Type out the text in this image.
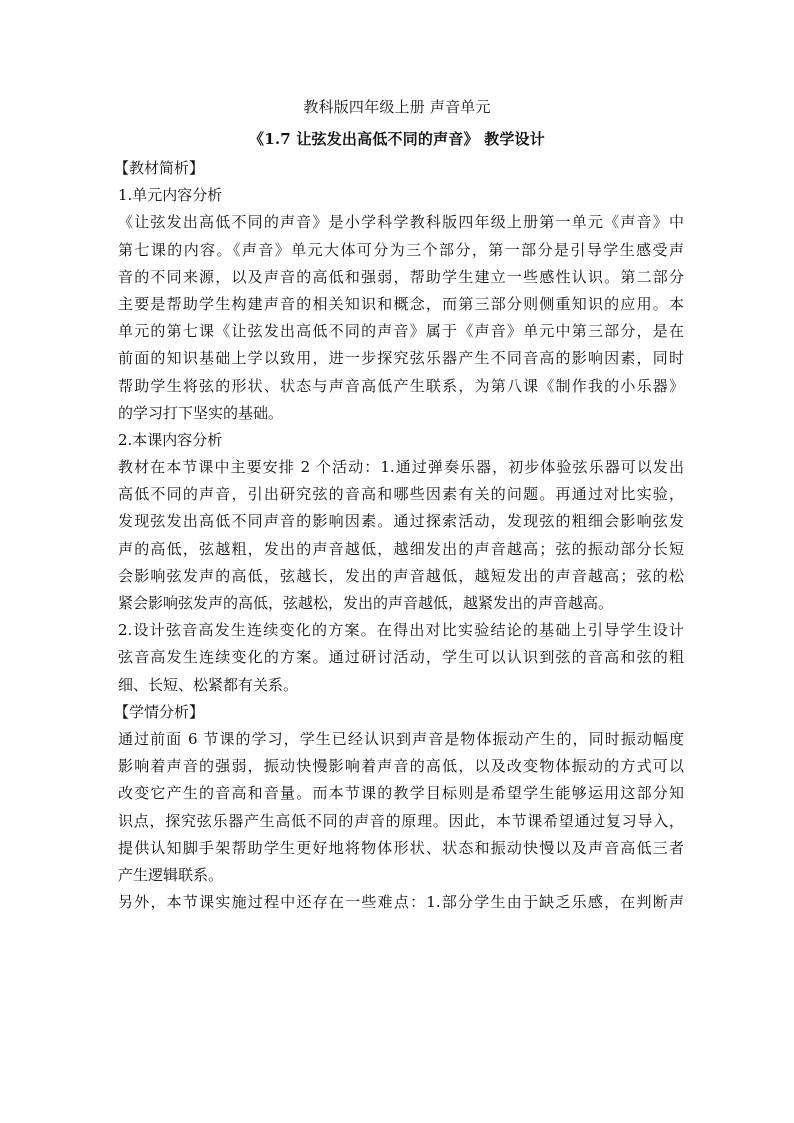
教科版四年级上册 声音单元
《1.7 让弦发出高低不同的声音》 教学设计
【教材简析】
1.单元内容分析
《让弦发出高低不同的声音》是小学科学教科版四年级上册第一单元《声音》中
第七课的内容。《声音》单元大体可分为三个部分，第一部分是引导学生感受声
音的不同来源，以及声音的高低和强弱，帮助学生建立一些感性认识。第二部分
主要是帮助学生构建声音的相关知识和概念，而第三部分则侧重知识的应用。本
单元的第七课《让弦发出高低不同的声音》属于《声音》单元中第三部分，是在
前面的知识基础上学以致用，进一步探究弦乐器产生不同音高的影响因素，同时
帮助学生将弦的形状、状态与声音高低产生联系，为第八课《制作我的小乐器》
的学习打下坚实的基础。
2.本课内容分析
教材在本节课中主要安排 2 个活动：1.通过弹奏乐器，初步体验弦乐器可以发出
高低不同的声音，引出研究弦的音高和哪些因素有关的问题。再通过对比实验，
发现弦发出高低不同声音的影响因素。通过探索活动，发现弦的粗细会影响弦发
声的高低，弦越粗，发出的声音越低，越细发出的声音越高；弦的振动部分长短
会影响弦发声的高低，弦越长，发出的声音越低，越短发出的声音越高；弦的松
紧会影响弦发声的高低，弦越松，发出的声音越低，越紧发出的声音越高。
2.设计弦音高发生连续变化的方案。在得出对比实验结论的基础上引导学生设计
弦音高发生连续变化的方案。通过研讨活动，学生可以认识到弦的音高和弦的粗
细、长短、松紧都有关系。
【学情分析】
通过前面 6 节课的学习，学生已经认识到声音是物体振动产生的，同时振动幅度
影响着声音的强弱，振动快慢影响着声音的高低，以及改变物体振动的方式可以
改变它产生的音高和音量。而本节课的教学目标则是希望学生能够运用这部分知
识点，探究弦乐器产生高低不同的声音的原理。因此，本节课希望通过复习导入，
提供认知脚手架帮助学生更好地将物体形状、状态和振动快慢以及声音高低三者
产生逻辑联系。
另外，本节课实施过程中还存在一些难点：1.部分学生由于缺乏乐感，在判断声
